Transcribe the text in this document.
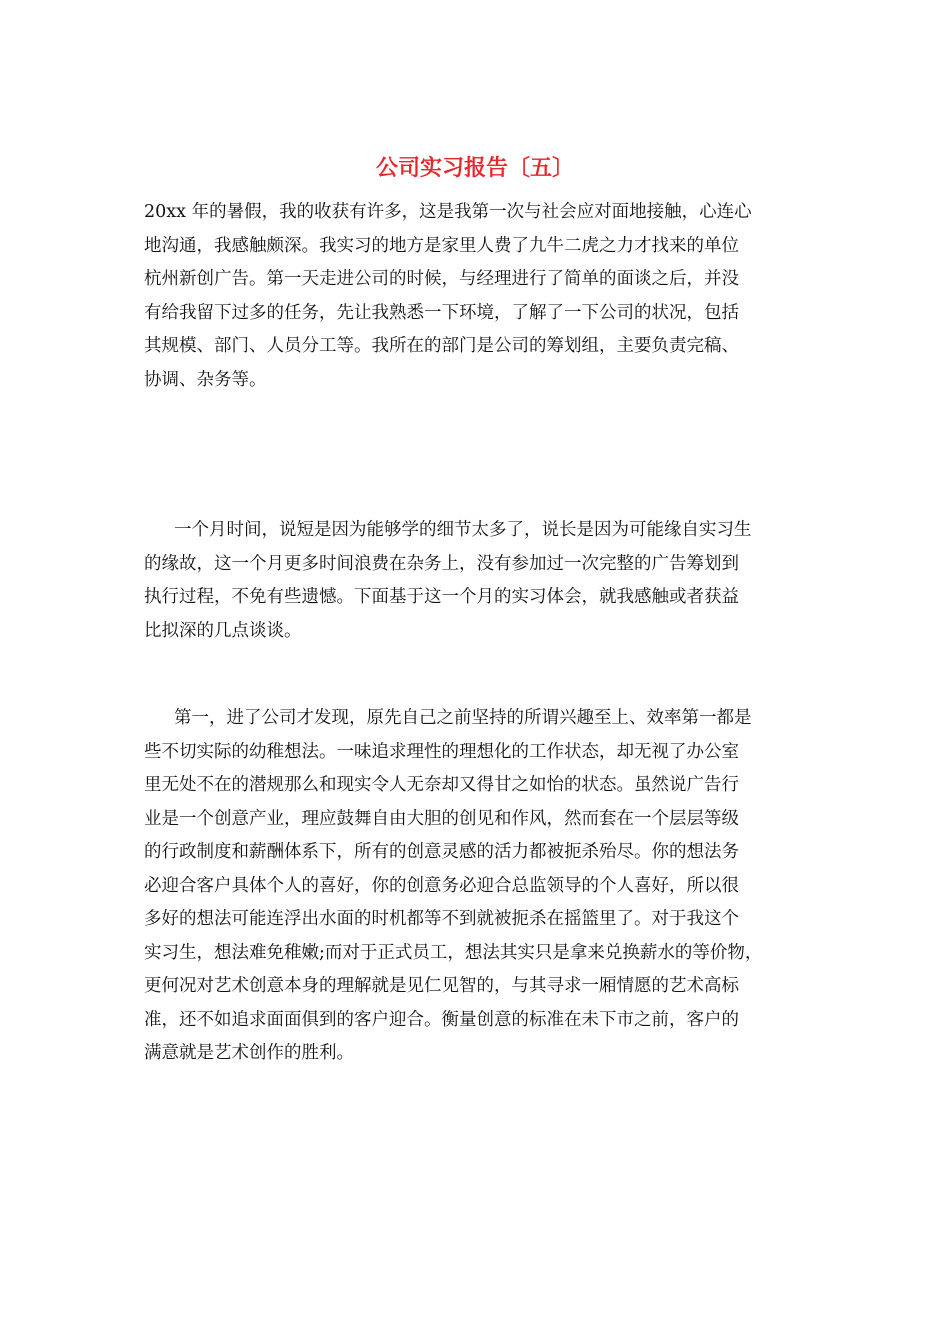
公司实习报告〔五〕
20xx 年的暑假，我的收获有许多，这是我第一次与社会应对面地接触，心连心
地沟通，我感触颇深。我实习的地方是家里人费了九牛二虎之力才找来的单位
杭州新创广告。第一天走进公司的时候，与经理进行了简单的面谈之后，并没
有给我留下过多的任务，先让我熟悉一下环境，了解了一下公司的状况，包括
其规模、部门、人员分工等。我所在的部门是公司的筹划组，主要负责完稿、
协调、杂务等。
一个月时间，说短是因为能够学的细节太多了，说长是因为可能缘自实习生
的缘故，这一个月更多时间浪费在杂务上，没有参加过一次完整的广告筹划到
执行过程，不免有些遗憾。下面基于这一个月的实习体会，就我感触或者获益
比拟深的几点谈谈。
第一，进了公司才发现，原先自己之前坚持的所谓兴趣至上、效率第一都是
些不切实际的幼稚想法。一味追求理性的理想化的工作状态，却无视了办公室
里无处不在的潜规那么和现实令人无奈却又得甘之如怡的状态。虽然说广告行
业是一个创意产业，理应鼓舞自由大胆的创见和作风，然而套在一个层层等级
的行政制度和薪酬体系下，所有的创意灵感的活力都被扼杀殆尽。你的想法务
必迎合客户具体个人的喜好，你的创意务必迎合总监领导的个人喜好，所以很
多好的想法可能连浮出水面的时机都等不到就被扼杀在摇篮里了。对于我这个
实习生，想法难免稚嫩;而对于正式员工，想法其实只是拿来兑换薪水的等价物，
更何况对艺术创意本身的理解就是见仁见智的，与其寻求一厢情愿的艺术高标
准，还不如追求面面俱到的客户迎合。衡量创意的标准在未下市之前，客户的
满意就是艺术创作的胜利。
